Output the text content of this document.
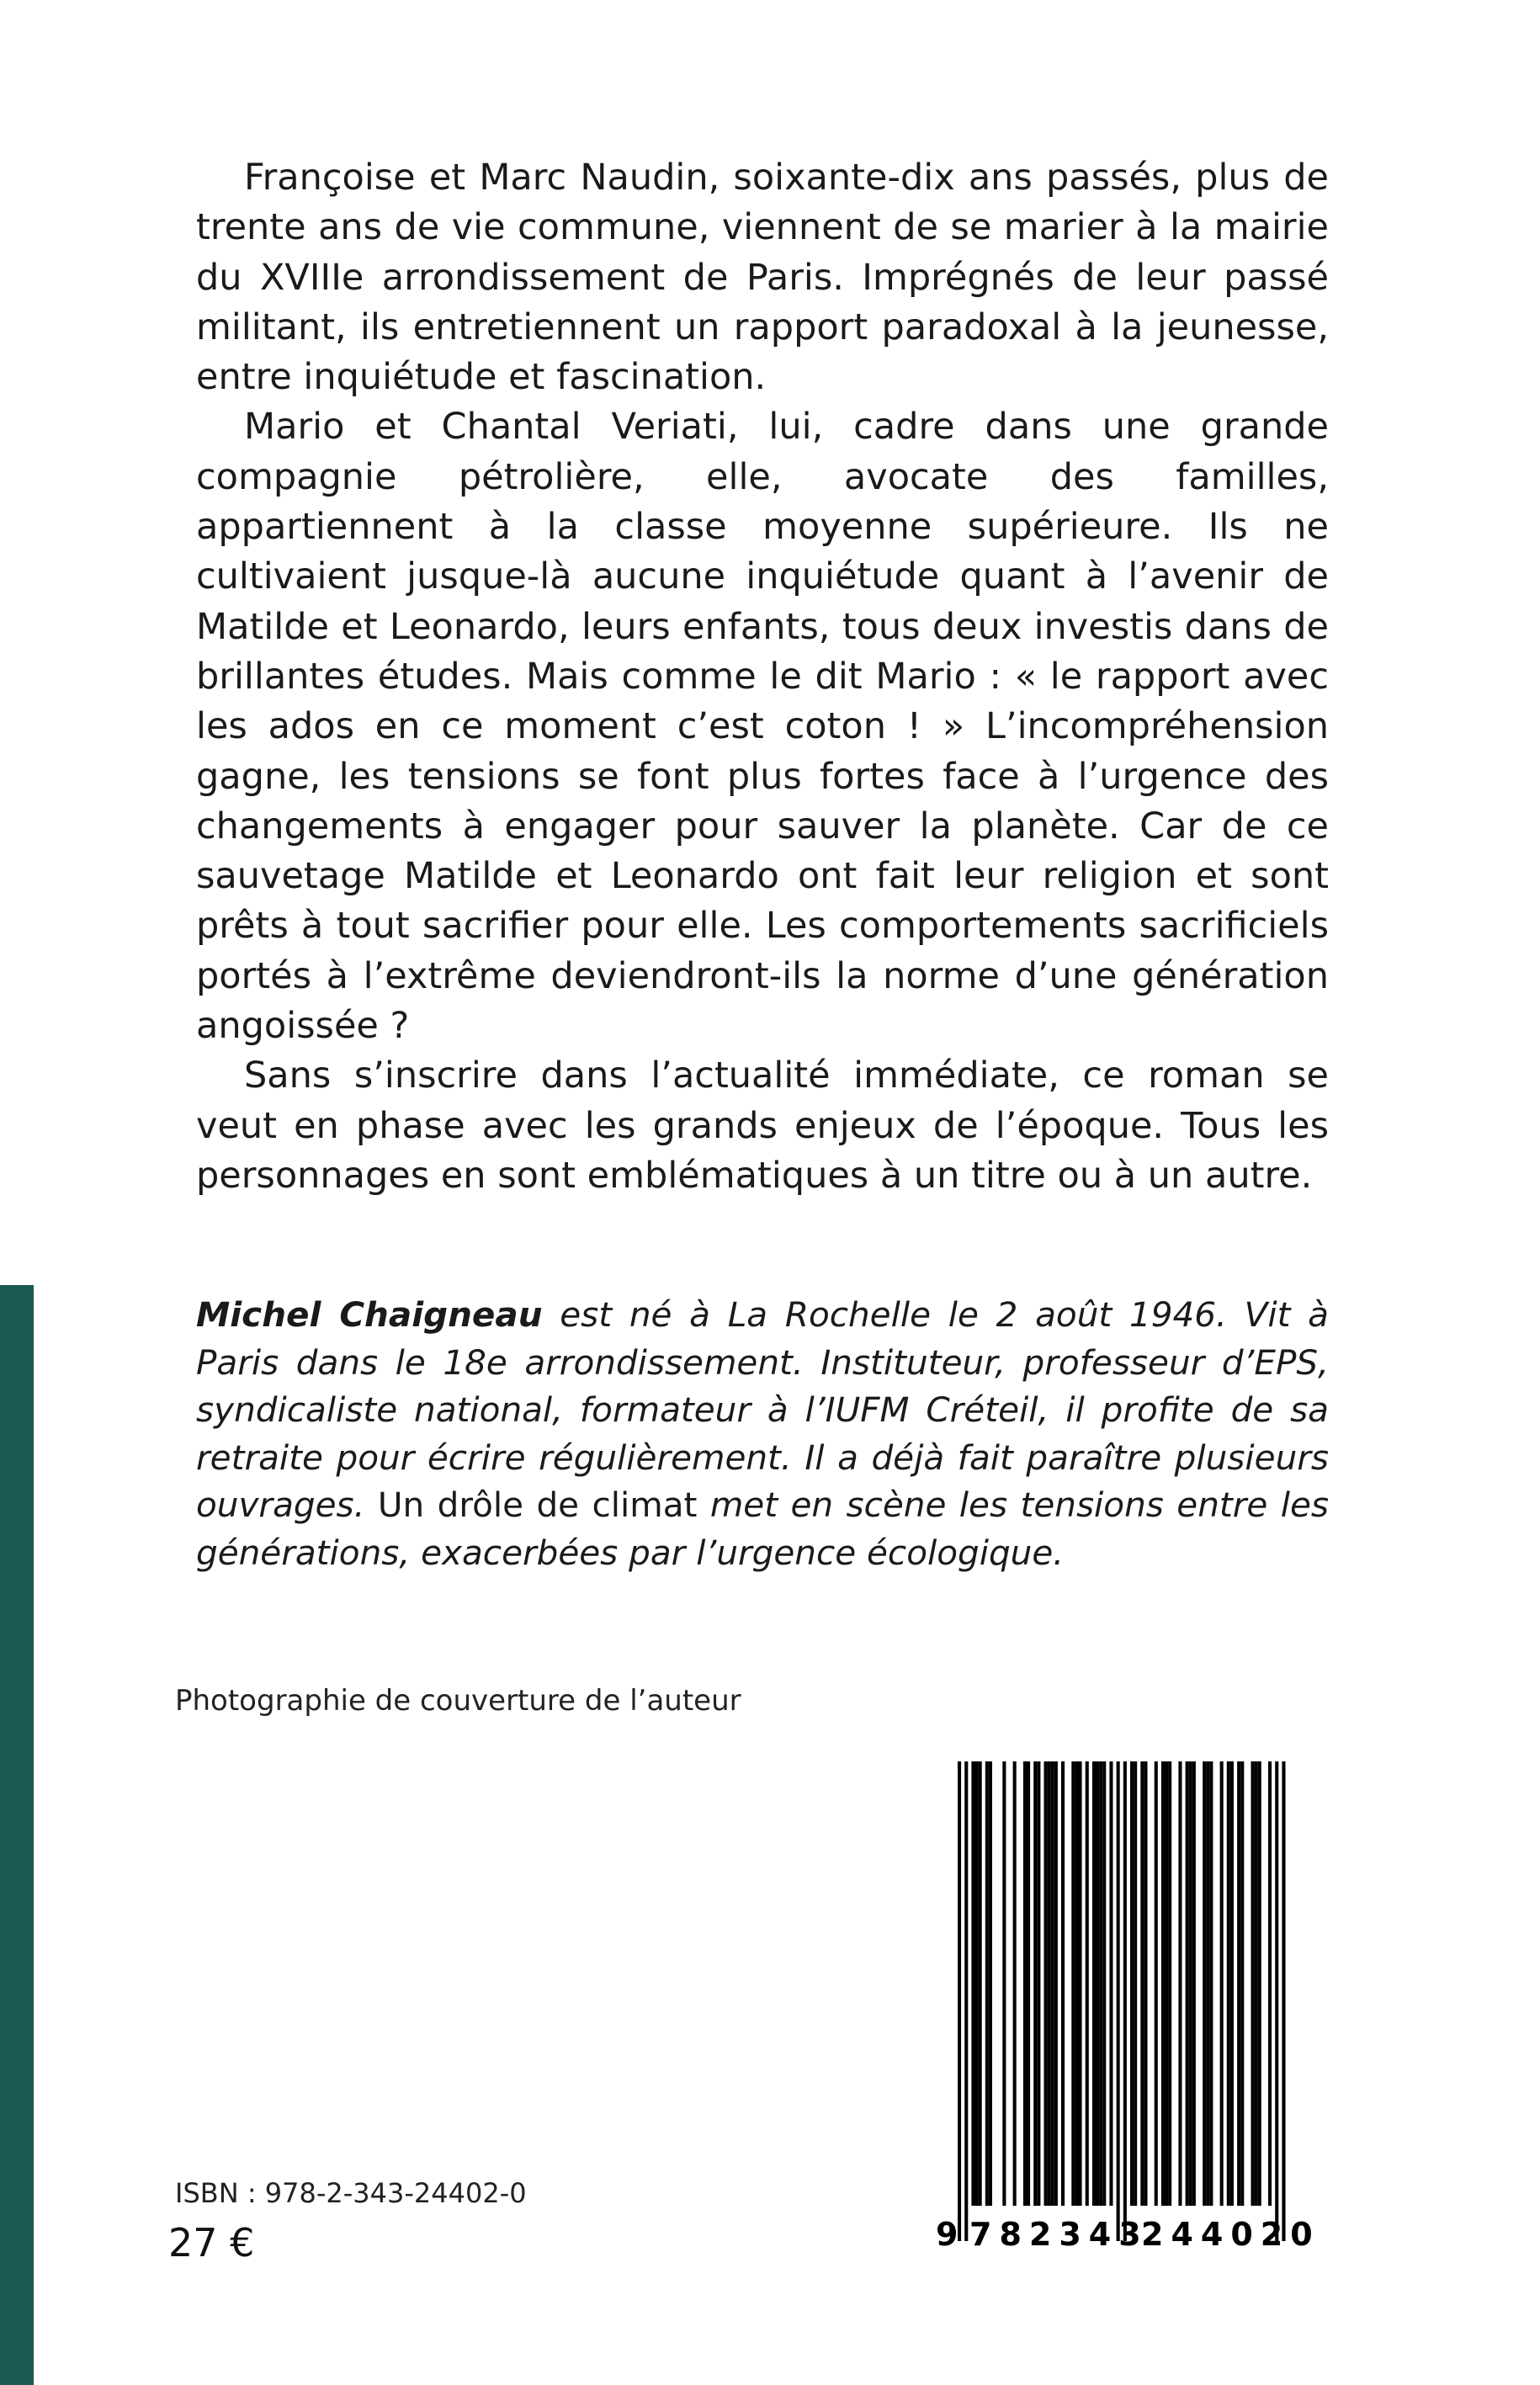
Françoise et Marc Naudin, soixante-dix ans passés, plus de trente ans de vie commune, viennent de se marier à la mairie du XVIIIe arrondissement de Paris. Imprégnés de leur passé militant, ils entretiennent un rapport paradoxal à la jeunesse, entre inquiétude et fascination.

Mario et Chantal Veriati, lui, cadre dans une grande compagnie pétrolière, elle, avocate des familles, appartiennent à la classe moyenne supérieure. Ils ne cultivaient jusque-là aucune inquiétude quant à l’avenir de Matilde et Leonardo, leurs enfants, tous deux investis dans de brillantes études. Mais comme le dit Mario : « le rapport avec les ados en ce moment c’est coton ! » L’incompréhension gagne, les tensions se font plus fortes face à l’urgence des changements à engager pour sauver la planète. Car de ce sauvetage Matilde et Leonardo ont fait leur religion et sont prêts à tout sacrifier pour elle. Les comportements sacrificiels portés à l’extrême deviendront-ils la norme d’une génération angoissée ?

Sans s’inscrire dans l’actualité immédiate, ce roman se veut en phase avec les grands enjeux de l’époque. Tous les personnages en sont emblématiques à un titre ou à un autre.

Michel Chaigneau est né à La Rochelle le 2 août 1946. Vit à Paris dans le 18e arrondissement. Instituteur, professeur d’EPS, syndicaliste national, formateur à l’IUFM Créteil, il profite de sa retraite pour écrire régulièrement. Il a déjà fait paraître plusieurs ouvrages. Un drôle de climat met en scène les tensions entre les générations, exacerbées par l’urgence écologique.
Photographie de couverture de l’auteur
ISBN : 978-2-343-24402-0
27 €	9 782343
244020
